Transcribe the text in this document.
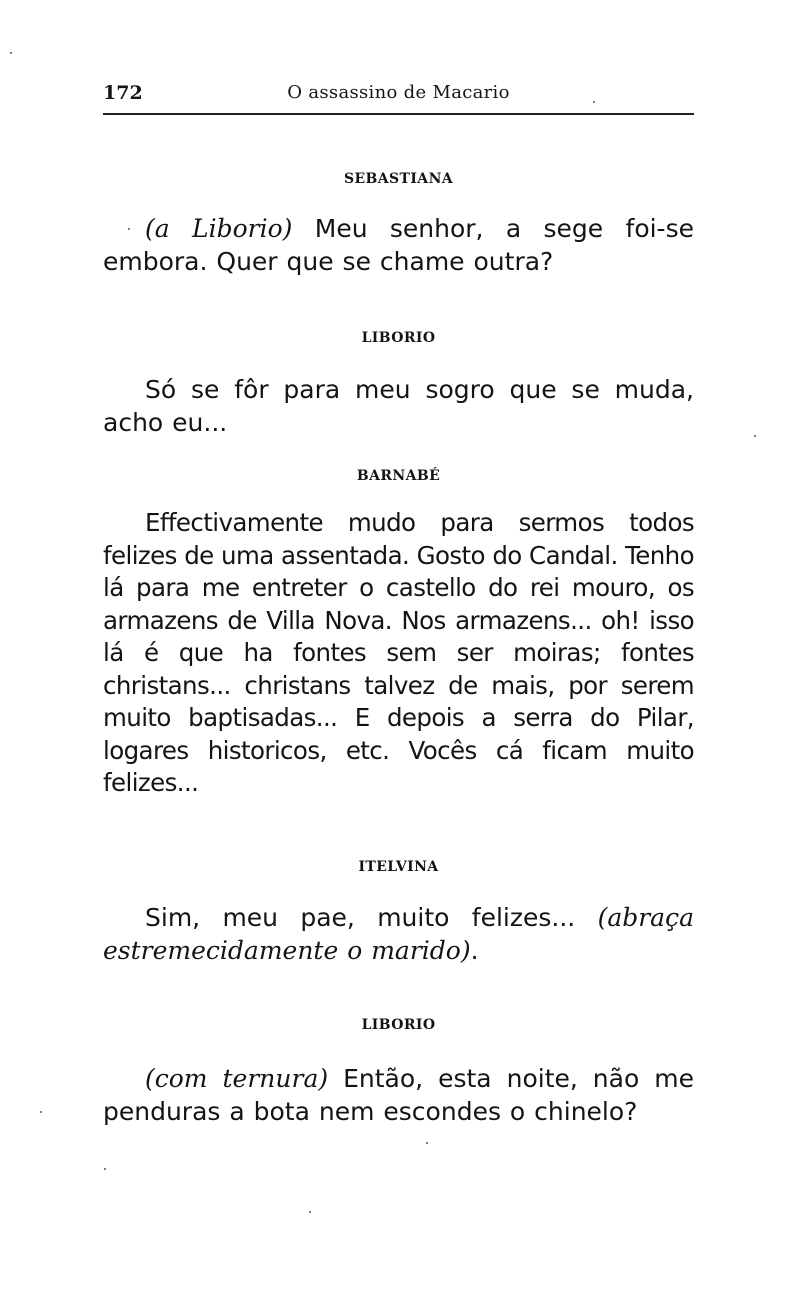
172	O assassino de Macario
SEBASTIANA

(a Liborio) Meu senhor, a sege foi-se embora. Quer que se chame outra?

LIBORIO

Só se fôr para meu sogro que se muda, acho eu...

BARNABÉ

Effectivamente mudo para sermos todos felizes de uma assentada. Gosto do Candal. Tenho lá para me entreter o castello do rei mouro, os armazens de Villa Nova. Nos armazens... oh! isso lá é que ha fontes sem ser moiras; fontes christans... christans talvez de mais, por serem muito baptisadas... E depois a serra do Pilar, logares historicos, etc. Vocês cá ficam muito felizes...

ITELVINA

Sim, meu pae, muito felizes... (abraça estremecidamente o marido).

LIBORIO

(com ternura) Então, esta noite, não me penduras a bota nem escondes o chinelo?
